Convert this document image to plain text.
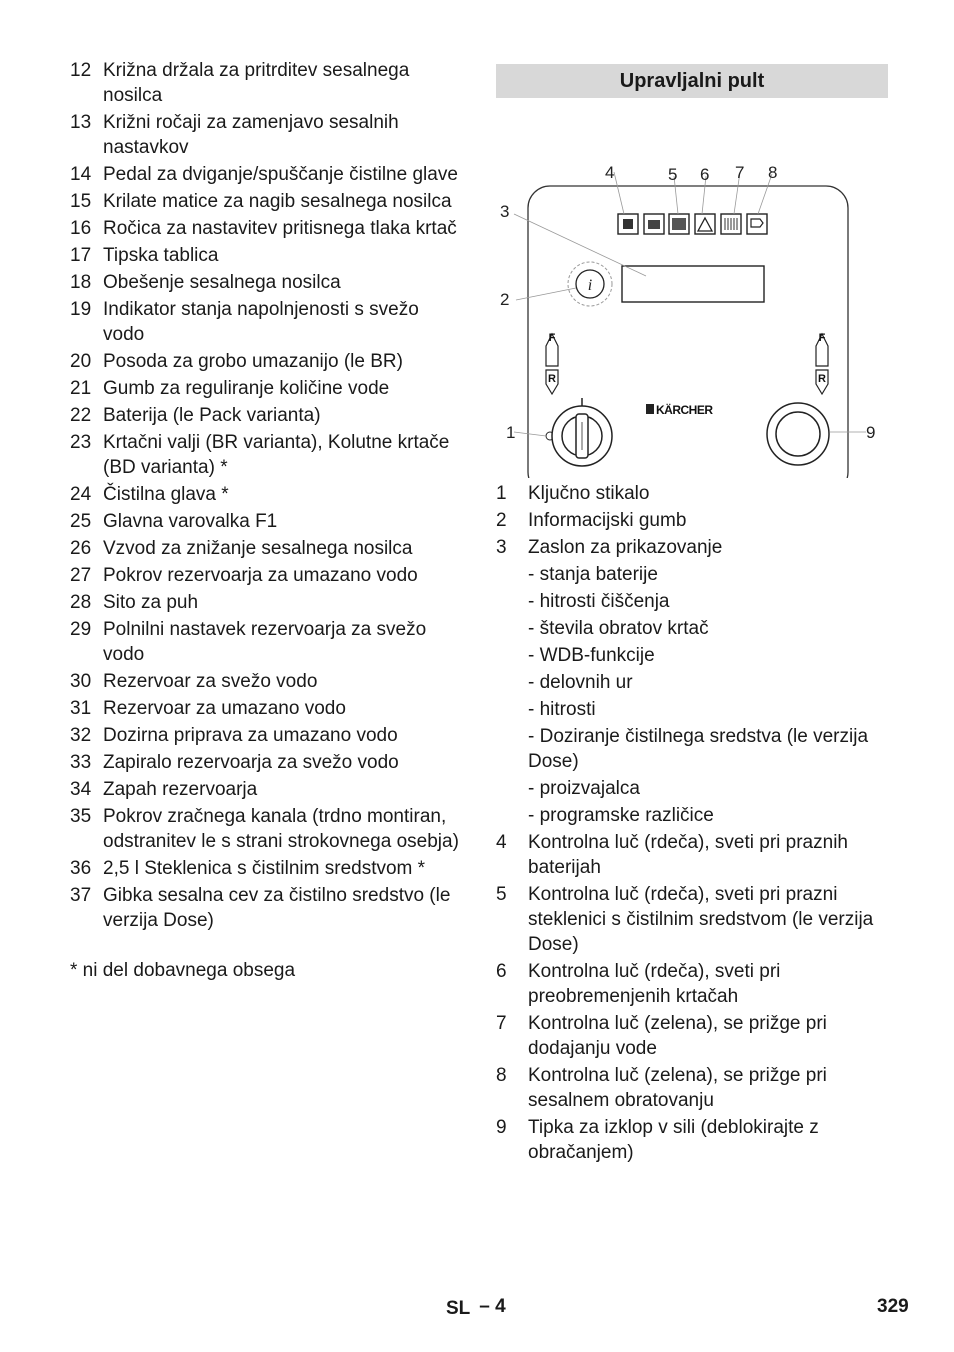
12 Križna držala za pritrditev sesalnega nosilca
13 Križni ročaji za zamenjavo sesalnih nastavkov
14 Pedal za dviganje/spuščanje čistilne glave
15 Krilate matice za nagib sesalnega nosilca
16 Ročica za nastavitev pritisnega tlaka krtač
17 Tipska tablica
18 Obešenje sesalnega nosilca
19 Indikator stanja napolnjenosti s svežo vodo
20 Posoda za grobo umazanijo (le BR)
21 Gumb za reguliranje količine vode
22 Baterija (le Pack varianta)
23 Krtačni valji (BR varianta), Kolutne krtače (BD varianta) *
24 Čistilna glava *
25 Glavna varovalka F1
26 Vzvod za znižanje sesalnega nosilca
27 Pokrov rezervoarja za umazano vodo
28 Sito za puh
29 Polnilni nastavek rezervoarja za svežo vodo
30 Rezervoar za svežo vodo
31 Rezervoar za umazano vodo
32 Dozirna priprava za umazano vodo
33 Zapiralo rezervoarja za svežo vodo
34 Zapah rezervoarja
35 Pokrov zračnega kanala (trdno montiran, odstranitev le s strani strokovnega osebja)
36 2,5 l Steklenica s čistilnim sredstvom *
37 Gibka sesalna cev za čistilno sredstvo (le verzija Dose)
* ni del dobavnega obsega
Upravljalni pult
i
F
R
F
R
KÄRCHER
1
2
3
4	5 6 7 8
9
1	Ključno stikalo
2	Informacijski gumb
3	Zaslon za prikazovanje
- stanja baterije
- hitrosti čiščenja
- števila obratov krtač
- WDB-funkcije
- delovnih ur
- hitrosti
- Doziranje čistilnega sredstva (le verzija Dose)
- proizvajalca
- programske različice
4	Kontrolna luč (rdeča), sveti pri praznih baterijah
5	Kontrolna luč (rdeča), sveti pri prazni steklenici s čistilnim sredstvom (le verzija Dose)
6	Kontrolna luč (rdeča), sveti pri preobremenjenih krtačah
7	Kontrolna luč (zelena), se prižge pri dodajanju vode
8	Kontrolna luč (zelena), se prižge pri sesalnem obratovanju
9	Tipka za izklop v sili (deblokirajte z obračanjem)
SL – 4	329
